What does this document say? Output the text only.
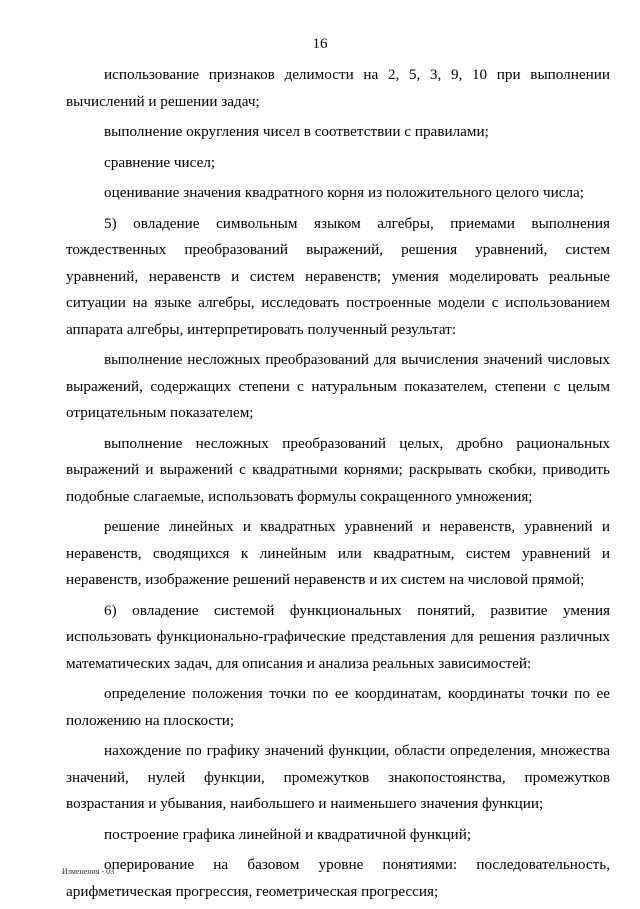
16

использование признаков делимости на 2, 5, 3, 9, 10 при выполнении вычислений и решении задач;

выполнение округления чисел в соответствии с правилами;

сравнение чисел;

оценивание значения квадратного корня из положительного целого числа;

5) овладение символьным языком алгебры, приемами выполнения тождественных преобразований выражений, решения уравнений, систем уравнений, неравенств и систем неравенств; умения моделировать реальные ситуации на языке алгебры, исследовать построенные модели с использованием аппарата алгебры, интерпретировать полученный результат:

выполнение несложных преобразований для вычисления значений числовых выражений, содержащих степени с натуральным показателем, степени с целым отрицательным показателем;

выполнение несложных преобразований целых, дробно рациональных выражений и выражений с квадратными корнями; раскрывать скобки, приводить подобные слагаемые, использовать формулы сокращенного умножения;

решение линейных и квадратных уравнений и неравенств, уравнений и неравенств, сводящихся к линейным или квадратным, систем уравнений и неравенств, изображение решений неравенств и их систем на числовой прямой;

6) овладение системой функциональных понятий, развитие умения использовать функционально-графические представления для решения различных математических задач, для описания и анализа реальных зависимостей:

определение положения точки по ее координатам, координаты точки по ее положению на плоскости;

нахождение по графику значений функции, области определения, множества значений, нулей функции, промежутков знакопостоянства, промежутков возрастания и убывания, наибольшего и наименьшего значения функции;

построение графика линейной и квадратичной функций;

оперирование на базовом уровне понятиями: последовательность, арифметическая прогрессия, геометрическая прогрессия;

Изменения - 03
